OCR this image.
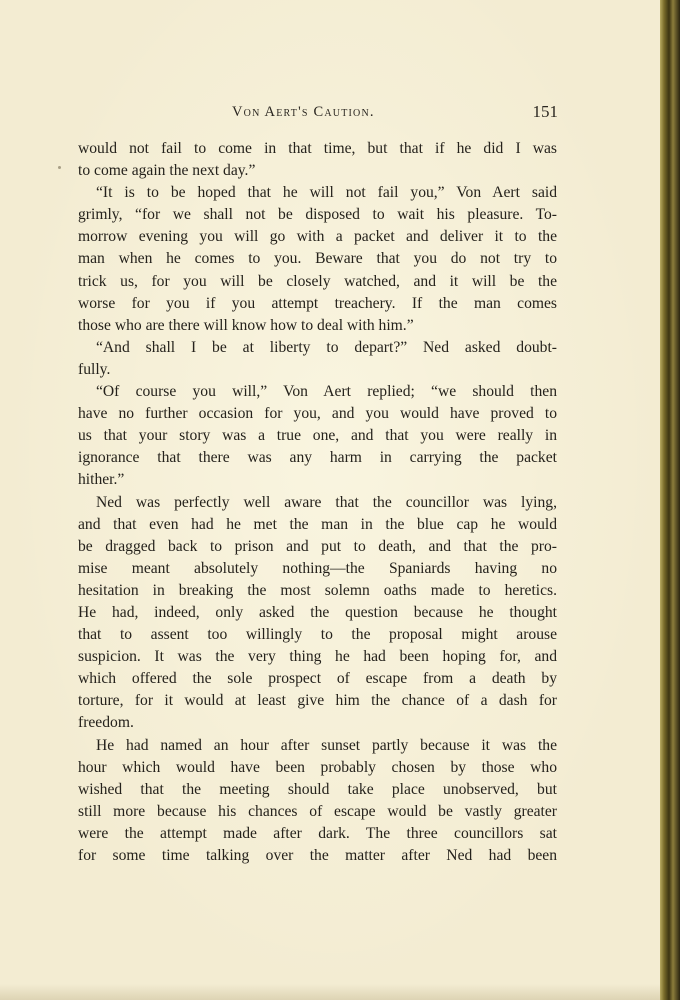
Von Aert's Caution.	151
would not fail to come in that time, but that if he did I was
to come again the next day.”
“It is to be hoped that he will not fail you,” Von Aert said
grimly, “for we shall not be disposed to wait his pleasure. To-
morrow evening you will go with a packet and deliver it to the
man when he comes to you. Beware that you do not try to
trick us, for you will be closely watched, and it will be the
worse for you if you attempt treachery. If the man comes
those who are there will know how to deal with him.”
“And shall I be at liberty to depart?” Ned asked doubt-
fully.
“Of course you will,” Von Aert replied; “we should then
have no further occasion for you, and you would have proved to
us that your story was a true one, and that you were really in
ignorance that there was any harm in carrying the packet
hither.”
Ned was perfectly well aware that the councillor was lying,
and that even had he met the man in the blue cap he would
be dragged back to prison and put to death, and that the pro-
mise meant absolutely nothing—the Spaniards having no
hesitation in breaking the most solemn oaths made to heretics.
He had, indeed, only asked the question because he thought
that to assent too willingly to the proposal might arouse
suspicion. It was the very thing he had been hoping for, and
which offered the sole prospect of escape from a death by
torture, for it would at least give him the chance of a dash for
freedom.
He had named an hour after sunset partly because it was the
hour which would have been probably chosen by those who
wished that the meeting should take place unobserved, but
still more because his chances of escape would be vastly greater
were the attempt made after dark. The three councillors sat
for some time talking over the matter after Ned had been
